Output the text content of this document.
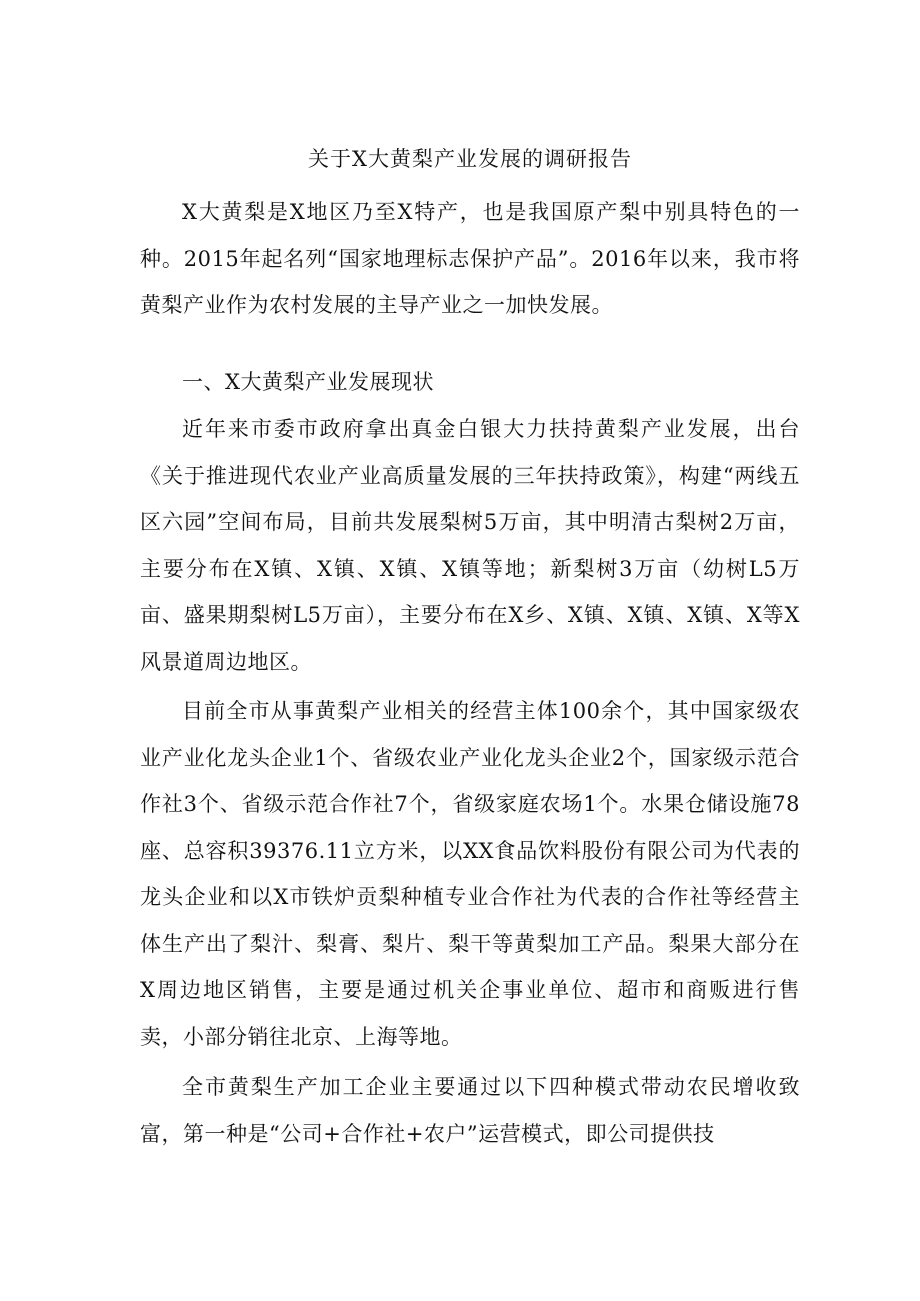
关于X大黄梨产业发展的调研报告

X大黄梨是X地区乃至X特产，也是我国原产梨中别具特色的一种。2015年起名列“国家地理标志保护产品”。2016年以来，我市将黄梨产业作为农村发展的主导产业之一加快发展。

一、X大黄梨产业发展现状

近年来市委市政府拿出真金白银大力扶持黄梨产业发展，出台《关于推进现代农业产业高质量发展的三年扶持政策》，构建“两线五区六园”空间布局，目前共发展梨树5万亩，其中明清古梨树2万亩，主要分布在X镇、X镇、X镇、X镇等地；新梨树3万亩（幼树L5万亩、盛果期梨树L5万亩），主要分布在X乡、X镇、X镇、X镇、X等X风景道周边地区。

目前全市从事黄梨产业相关的经营主体100余个，其中国家级农业产业化龙头企业1个、省级农业产业化龙头企业2个，国家级示范合作社3个、省级示范合作社7个，省级家庭农场1个。水果仓储设施78座、总容积39376.11立方米，以XX食品饮料股份有限公司为代表的龙头企业和以X市铁炉贡梨种植专业合作社为代表的合作社等经营主体生产出了梨汁、梨膏、梨片、梨干等黄梨加工产品。梨果大部分在X周边地区销售，主要是通过机关企事业单位、超市和商贩进行售卖，小部分销往北京、上海等地。

全市黄梨生产加工企业主要通过以下四种模式带动农民增收致富，第一种是“公司+合作社+农户”运营模式，即公司提供技
